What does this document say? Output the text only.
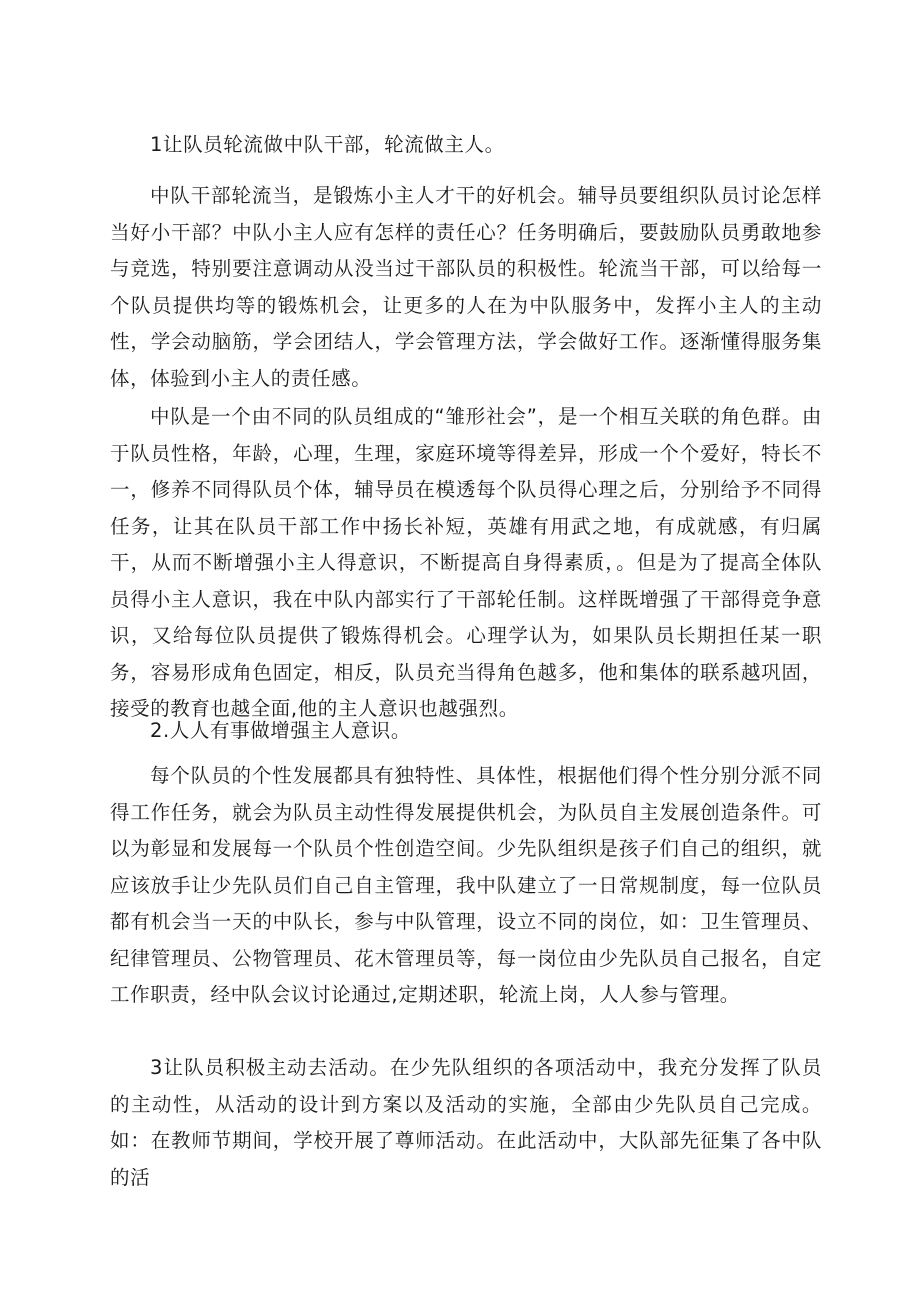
1让队员轮流做中队干部，轮流做主人。

中队干部轮流当，是锻炼小主人才干的好机会。辅导员要组织队员讨论怎样当好小干部？中队小主人应有怎样的责任心？任务明确后，要鼓励队员勇敢地参与竞选，特别要注意调动从没当过干部队员的积极性。轮流当干部，可以给每一个队员提供均等的锻炼机会，让更多的人在为中队服务中，发挥小主人的主动性，学会动脑筋，学会团结人，学会管理方法，学会做好工作。逐渐懂得服务集体，体验到小主人的责任感。

中队是一个由不同的队员组成的“雏形社会”，是一个相互关联的角色群。由于队员性格，年龄，心理，生理，家庭环境等得差异，形成一个个爱好，特长不一，修养不同得队员个体，辅导员在模透每个队员得心理之后，分别给予不同得任务，让其在队员干部工作中扬长补短，英雄有用武之地，有成就感，有归属干，从而不断增强小主人得意识，不断提高自身得素质，。但是为了提高全体队员得小主人意识，我在中队内部实行了干部轮任制。这样既增强了干部得竞争意识，又给每位队员提供了锻炼得机会。心理学认为，如果队员长期担任某一职务，容易形成角色固定，相反，队员充当得角色越多，他和集体的联系越巩固，接受的教育也越全面,他的主人意识也越强烈。

2.人人有事做增强主人意识。

每个队员的个性发展都具有独特性、具体性，根据他们得个性分别分派不同得工作任务，就会为队员主动性得发展提供机会，为队员自主发展创造条件。可以为彰显和发展每一个队员个性创造空间。少先队组织是孩子们自己的组织，就应该放手让少先队员们自己自主管理，我中队建立了一日常规制度，每一位队员都有机会当一天的中队长，参与中队管理，设立不同的岗位，如：卫生管理员、纪律管理员、公物管理员、花木管理员等，每一岗位由少先队员自己报名，自定工作职责，经中队会议讨论通过,定期述职，轮流上岗，人人参与管理。

3让队员积极主动去活动。在少先队组织的各项活动中，我充分发挥了队员的主动性，从活动的设计到方案以及活动的实施，全部由少先队员自己完成。如：在教师节期间，学校开展了尊师活动。在此活动中，大队部先征集了各中队的活
